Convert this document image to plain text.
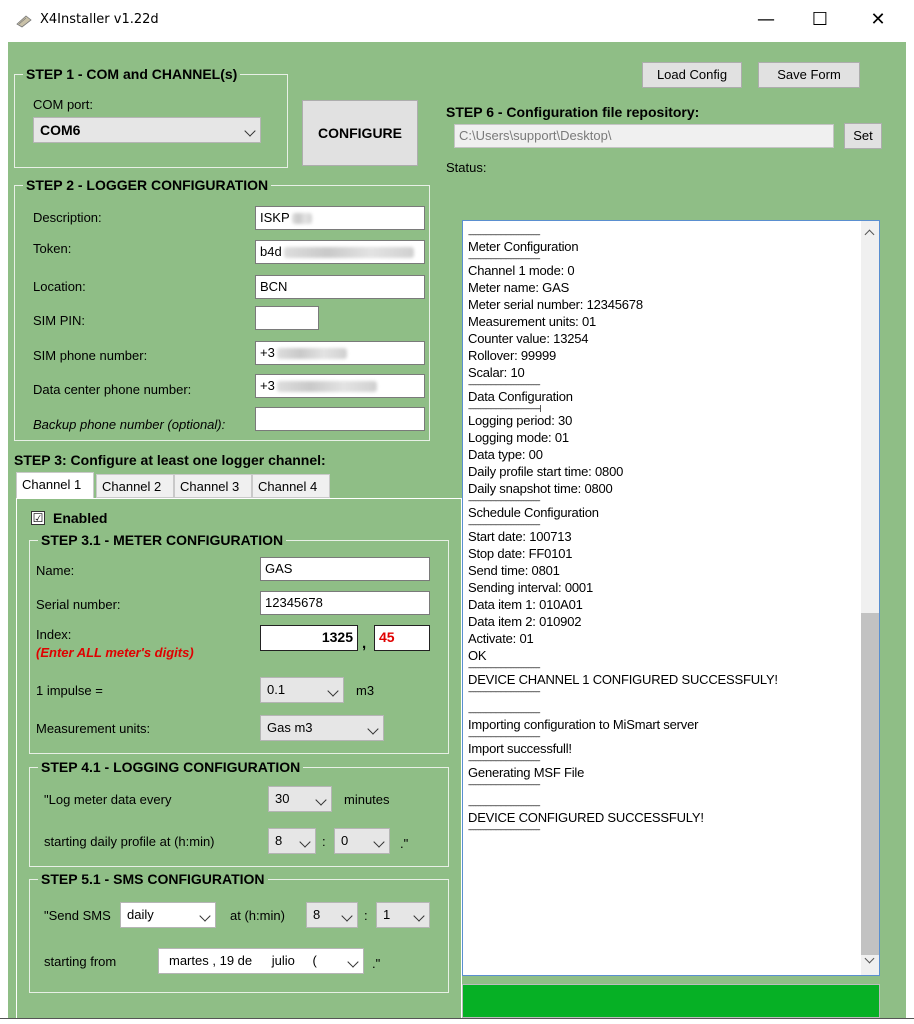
X4Installer v1.22d	—	☐	✕
STEP 1 - COM and CHANNEL(s)
COM port:
COM6	CONFIGURE
STEP 2 - LOGGER CONFIGURATION
Description:	ISKP
Token:	b4d
Location:	BCN
SIM PIN:
SIM phone number:	+3
Data center phone number:	+3
Backup phone number (optional):
STEP 3: Configure at least one logger channel:
Channel 1	Channel 2	Channel 3	Channel 4
☑ Enabled
STEP 3.1 - METER CONFIGURATION
Name:	GAS
Serial number:	12345678
Index:
(Enter ALL meter's digits)
1325 , 45
1 impulse =	0.1	m3
Measurement units:	Gas m3
STEP 4.1 - LOGGING CONFIGURATION
"Log meter data every	30	minutes
starting daily profile at (h:min)	8	:	0	."
STEP 5.1 - SMS CONFIGURATION
"Send SMS	daily	at (h:min)	8	:	1
starting from	martes , 19 de julio (	."
Load Config	Save Form
STEP 6 - Configuration file repository:
C:\Users\support\Desktop\	Set
Status:
-------------------------------------------
Meter Configuration
-------------------------------------------
Channel 1 mode: 0
Meter name: GAS
Meter serial number: 12345678
Measurement units: 01
Counter value: 13254
Rollover: 99999
Scalar: 10
-------------------------------------------
Data Configuration
-------------------------------------------|
Logging period: 30
Logging mode: 01
Data type: 00
Daily profile start time: 0800
Daily snapshot time: 0800
-------------------------------------------
Schedule Configuration
-------------------------------------------
Start date: 100713
Stop date: FF0101
Send time: 0801
Sending interval: 0001
Data item 1: 010A01
Data item 2: 010902
Activate: 01
OK
-------------------------------------------
DEVICE CHANNEL 1 CONFIGURED SUCCESSFULY!
-------------------------------------------
-------------------------------------------
Importing configuration to MiSmart server
-------------------------------------------
Import successfull!
-------------------------------------------
Generating MSF File
-------------------------------------------
-------------------------------------------
DEVICE CONFIGURED SUCCESSFULY!
-------------------------------------------
